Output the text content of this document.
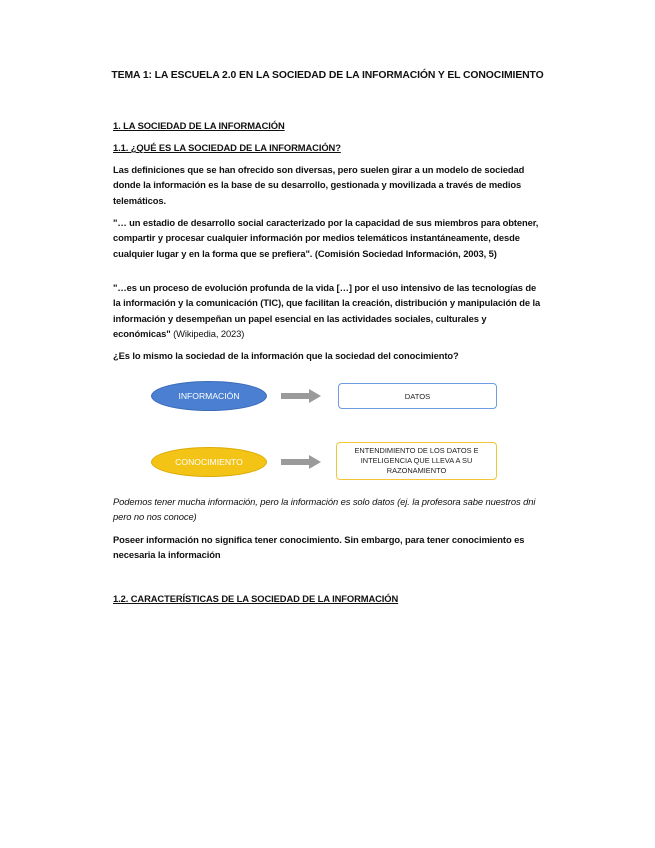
TEMA 1: LA ESCUELA 2.0 EN LA SOCIEDAD DE LA INFORMACIÓN Y EL CONOCIMIENTO
1. LA SOCIEDAD DE LA INFORMACIÓN
1.1. ¿QUÉ ES LA SOCIEDAD DE LA INFORMACIÓN?

Las definiciones que se han ofrecido son diversas, pero suelen girar a un modelo de sociedad donde la información es la base de su desarrollo, gestionada y movilizada a través de medios telemáticos.

"… un estadio de desarrollo social caracterizado por la capacidad de sus miembros para obtener, compartir y procesar cualquier información por medios telemáticos instantáneamente, desde cualquier lugar y en la forma que se prefiera". (Comisión Sociedad Información, 2003, 5)

"…es un proceso de evolución profunda de la vida […] por el uso intensivo de las tecnologías de la información y la comunicación (TIC), que facilitan la creación, distribución y manipulación de la información y desempeñan un papel esencial en las actividades sociales, culturales y económicas" (Wikipedia, 2023)

¿Es lo mismo la sociedad de la información que la sociedad del conocimiento?

INFORMACIÓN	DATOS
CONOCIMIENTO
ENTENDIMIENTO DE LOS DATOS E INTELIGENCIA QUE LLEVA A SU RAZONAMIENTO

Podemos tener mucha información, pero la información es solo datos (ej. la profesora sabe nuestros dni pero no nos conoce)

Poseer información no significa tener conocimiento. Sin embargo, para tener conocimiento es necesaria la información

1.2. CARACTERÍSTICAS DE LA SOCIEDAD DE LA INFORMACIÓN
